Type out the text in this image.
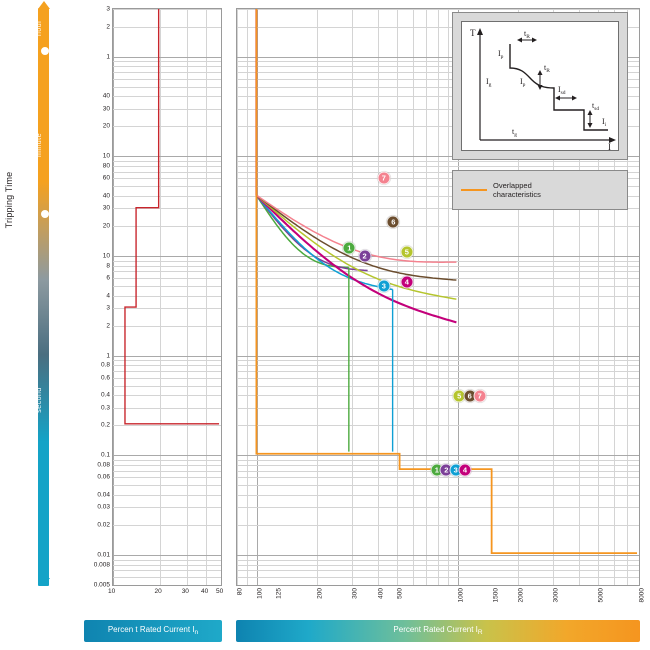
Tripping Time
hour
minute
second
3
2
1
40
30
20
10
80
60
40
30
20
10
8
6
4
3
2
1
0.8
0.6
0.4
0.3
0.2
0.1
0.08
0.06
0.04
0.03
0.02
0.01
0.008
0.005
10	20	30 40 50
1
2
3	4
5
6
7
5 6 7
1 2 3 4
80 100 125	200	300	400 500	1000	1500	2000	3000	5000	8000
T
I
$t_R$
$I_p$
$t_R$
$I_p$
$I_g$	$I_{sd}$
$t_{sd}$
$t_g$
$I_i$
Overlapped
characteristics
Percen t Rated Current $I_n$	Percent Rated Current $I_R$
